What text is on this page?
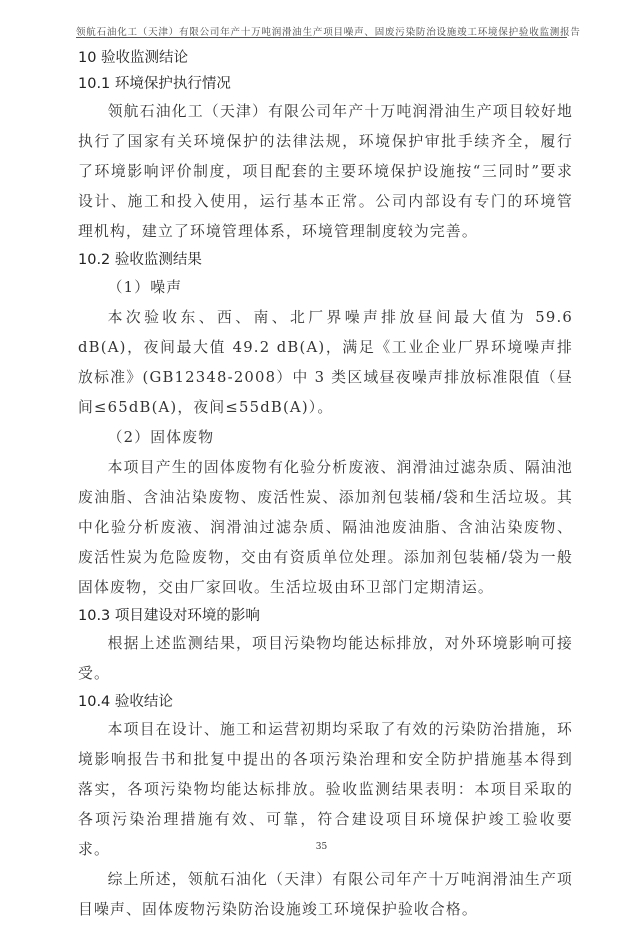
领航石油化工（天津）有限公司年产十万吨润滑油生产项目噪声、固废污染防治设施竣工环境保护验收监测报告
10 验收监测结论
10.1 环境保护执行情况

领航石油化工（天津）有限公司年产十万吨润滑油生产项目较好地执行了国家有关环境保护的法律法规，环境保护审批手续齐全，履行了环境影响评价制度，项目配套的主要环境保护设施按“三同时”要求设计、施工和投入使用，运行基本正常。公司内部设有专门的环境管理机构，建立了环境管理体系，环境管理制度较为完善。

10.2 验收监测结果

（1）噪声

本次验收东、西、南、北厂界噪声排放昼间最大值为 59.6 dB(A)，夜间最大值 49.2 dB(A)，满足《工业企业厂界环境噪声排放标准》(GB12348-2008）中 3 类区域昼夜噪声排放标准限值（昼间≤65dB(A)，夜间≤55dB(A)）。

（2）固体废物

本项目产生的固体废物有化验分析废液、润滑油过滤杂质、隔油池废油脂、含油沾染废物、废活性炭、添加剂包装桶/袋和生活垃圾。其中化验分析废液、润滑油过滤杂质、隔油池废油脂、含油沾染废物、废活性炭为危险废物，交由有资质单位处理。添加剂包装桶/袋为一般固体废物，交由厂家回收。生活垃圾由环卫部门定期清运。

10.3 项目建设对环境的影响

根据上述监测结果，项目污染物均能达标排放，对外环境影响可接受。

10.4 验收结论

本项目在设计、施工和运营初期均采取了有效的污染防治措施，环境影响报告书和批复中提出的各项污染治理和安全防护措施基本得到落实，各项污染物均能达标排放。验收监测结果表明：本项目采取的各项污染治理措施有效、可靠，符合建设项目环境保护竣工验收要求。

综上所述，领航石油化（天津）有限公司年产十万吨润滑油生产项目噪声、固体废物污染防治设施竣工环境保护验收合格。

35
